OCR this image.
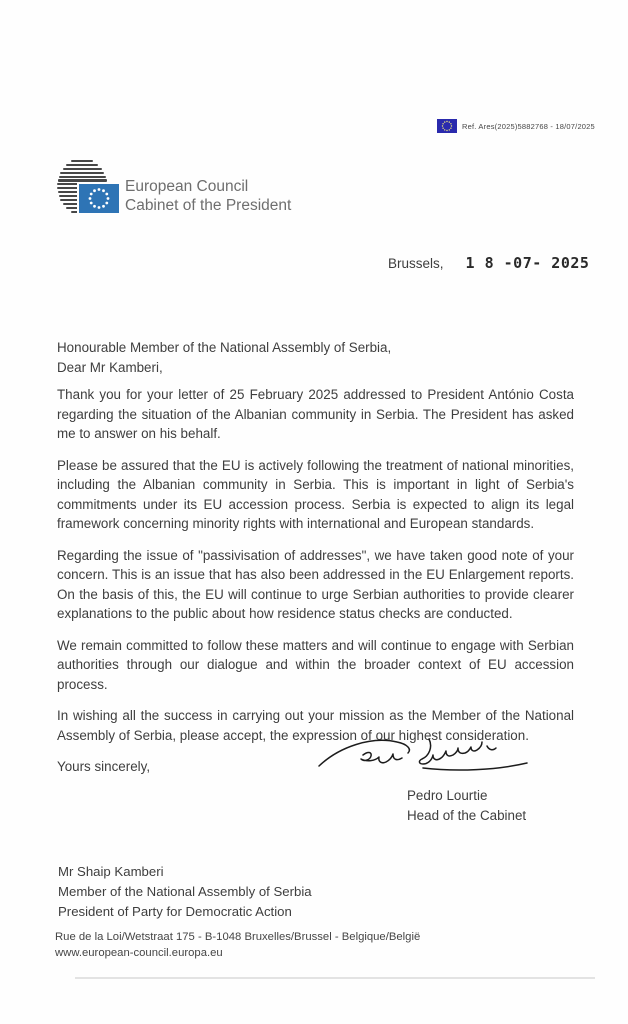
Ref. Ares(2025)5882768 - 18/07/2025
European Council
Cabinet of the President
Brussels, 1 8 -07- 2025
Honourable Member of the National Assembly of Serbia,
Dear Mr Kamberi,

Thank you for your letter of 25 February 2025 addressed to President António Costa regarding the situation of the Albanian community in Serbia. The President has asked me to answer on his behalf.

Please be assured that the EU is actively following the treatment of national minorities, including the Albanian community in Serbia. This is important in light of Serbia's commitments under its EU accession process. Serbia is expected to align its legal framework concerning minority rights with international and European standards.

Regarding the issue of "passivisation of addresses", we have taken good note of your concern. This is an issue that has also been addressed in the EU Enlargement reports. On the basis of this, the EU will continue to urge Serbian authorities to provide clearer explanations to the public about how residence status checks are conducted.

We remain committed to follow these matters and will continue to engage with Serbian authorities through our dialogue and within the broader context of EU accession process.

In wishing all the success in carrying out your mission as the Member of the National Assembly of Serbia, please accept, the expression of our highest consideration.

Yours sincerely,
Pedro Lourtie
Head of the Cabinet
Mr Shaip Kamberi
Member of the National Assembly of Serbia
President of Party for Democratic Action
Rue de la Loi/Wetstraat 175 - B-1048 Bruxelles/Brussel - Belgique/België
www.european-council.europa.eu
